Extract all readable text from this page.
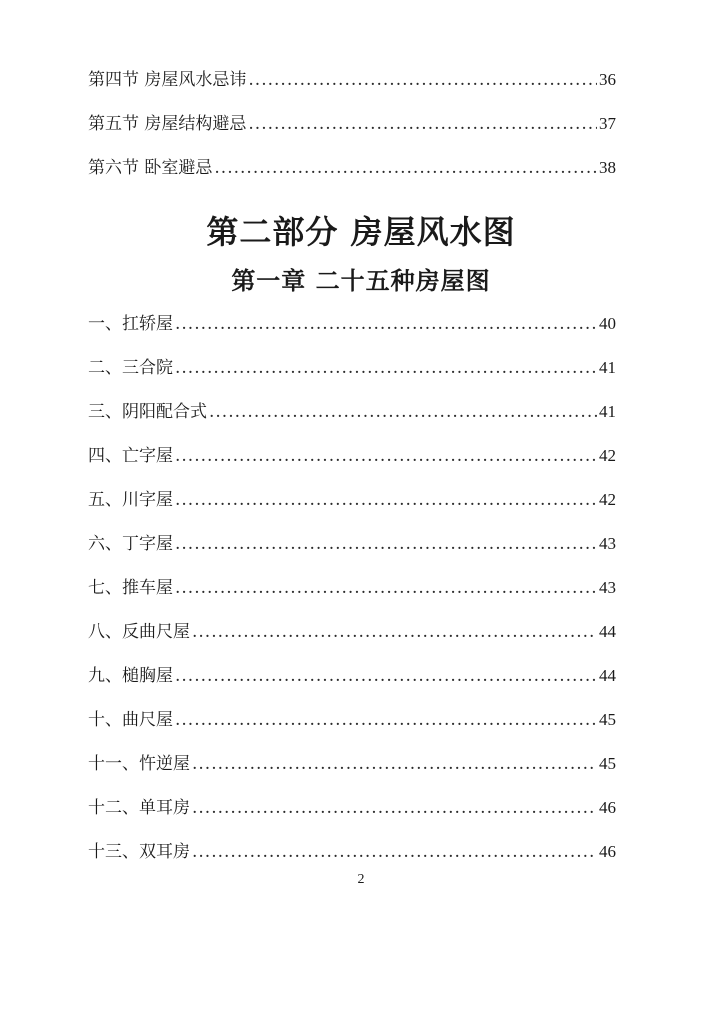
第四节 房屋风水忌讳 .....	36
第五节 房屋结构避忌 .....	37
第六节 卧室避忌 .....	38
第二部分 房屋风水图
第一章 二十五种房屋图
一、扛轿屋 .....	40
二、三合院 .....	41
三、阴阳配合式 .....	41
四、亡字屋 .....	42
五、川字屋 .....	42
六、丁字屋 .....	43
七、推车屋 .....	43
八、反曲尺屋 .....	44
九、槌胸屋 .....	44
十、曲尺屋 .....	45
十一、忤逆屋 .....	45
十二、单耳房 .....	46
十三、双耳房 .....	46
2
